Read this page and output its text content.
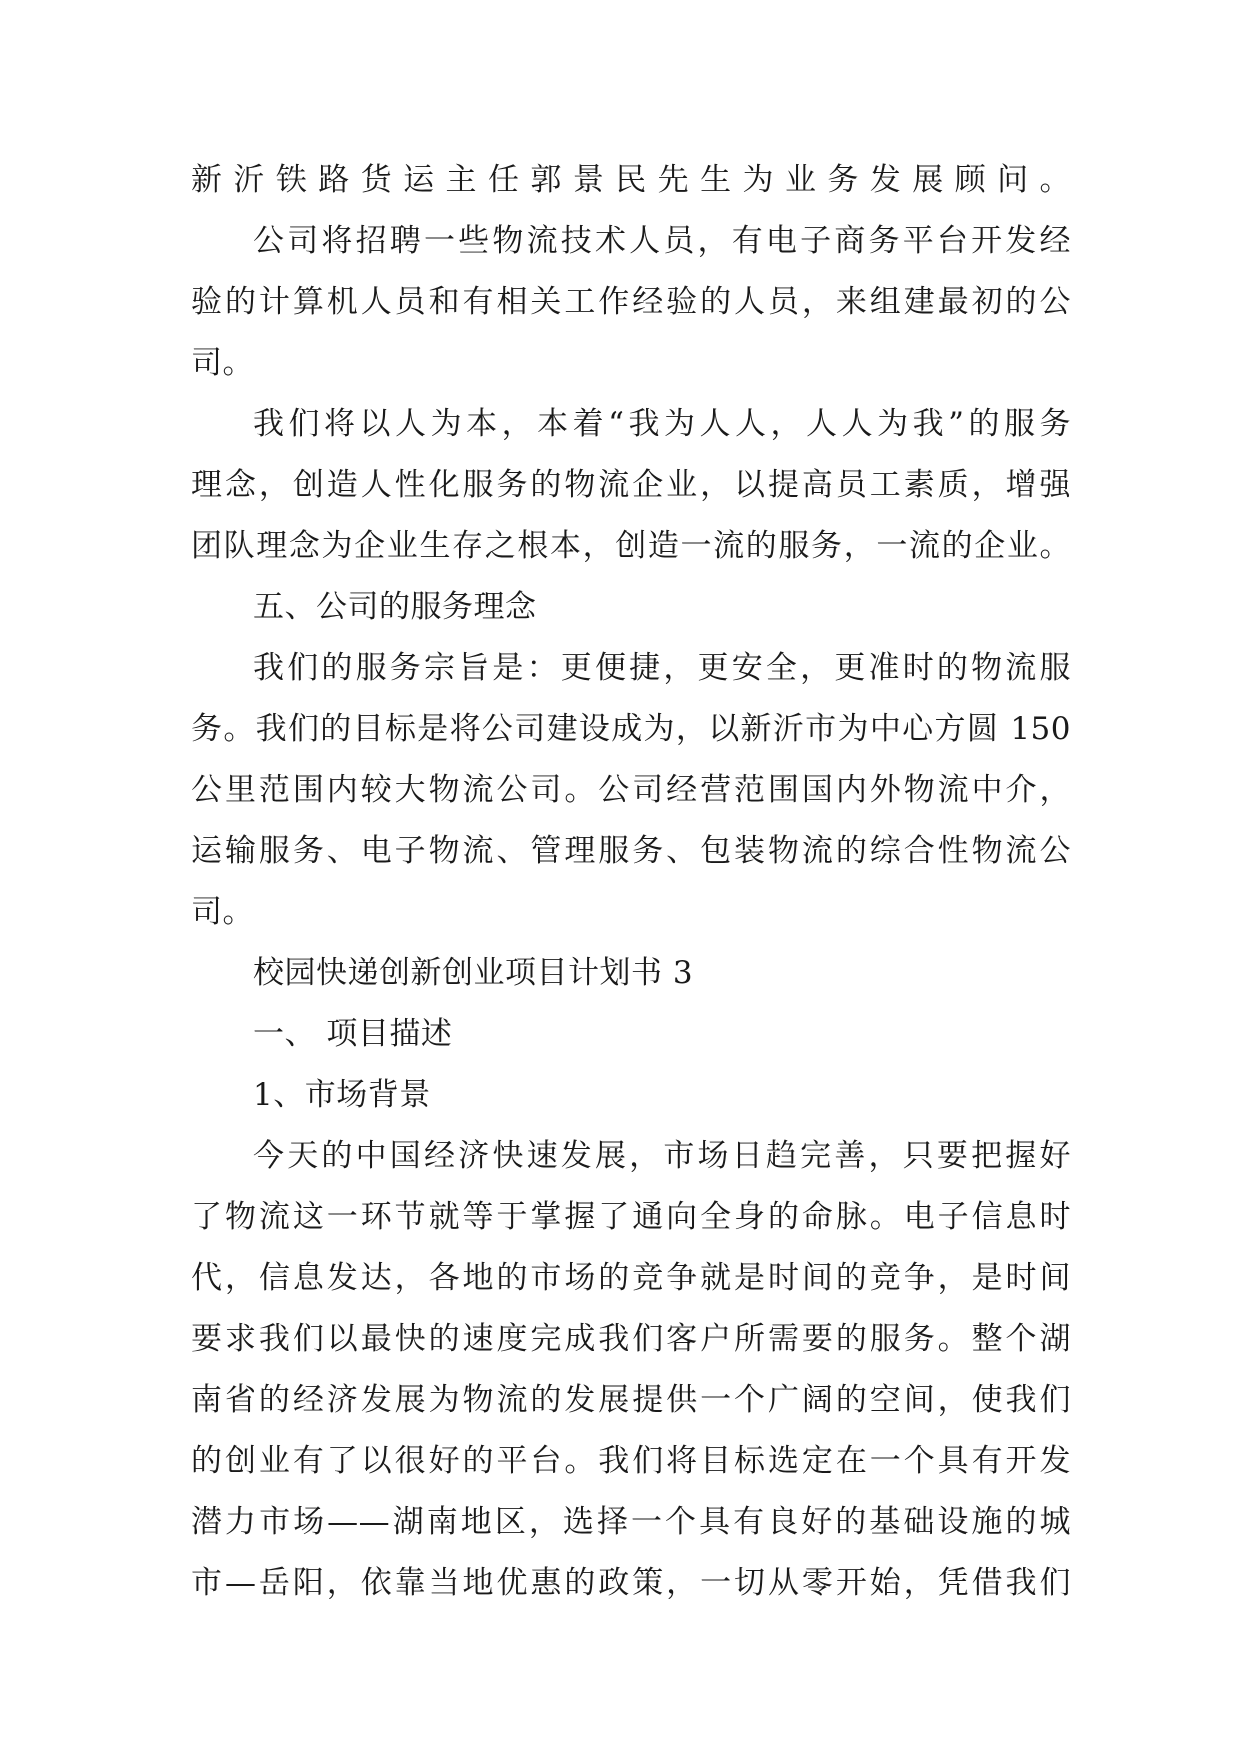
新沂铁路货运主任郭景民先生为业务发展顾问。
公司将招聘一些物流技术人员，有电子商务平台开发经
验的计算机人员和有相关工作经验的人员，来组建最初的公
司。
我们将以人为本，本着“我为人人，人人为我”的服务
理念，创造人性化服务的物流企业，以提高员工素质，增强
团队理念为企业生存之根本，创造一流的服务，一流的企业。
五、公司的服务理念
我们的服务宗旨是：更便捷，更安全，更准时的物流服
务。我们的目标是将公司建设成为，以新沂市为中心方圆 150
公里范围内较大物流公司。公司经营范围国内外物流中介，
运输服务、电子物流、管理服务、包装物流的综合性物流公
司。
校园快递创新创业项目计划书 3
一、 项目描述
1、市场背景
今天的中国经济快速发展，市场日趋完善，只要把握好
了物流这一环节就等于掌握了通向全身的命脉。电子信息时
代，信息发达，各地的市场的竞争就是时间的竞争，是时间
要求我们以最快的速度完成我们客户所需要的服务。整个湖
南省的经济发展为物流的发展提供一个广阔的空间，使我们
的创业有了以很好的平台。我们将目标选定在一个具有开发
潜力市场——湖南地区，选择一个具有良好的基础设施的城
市—岳阳，依靠当地优惠的政策，一切从零开始，凭借我们
